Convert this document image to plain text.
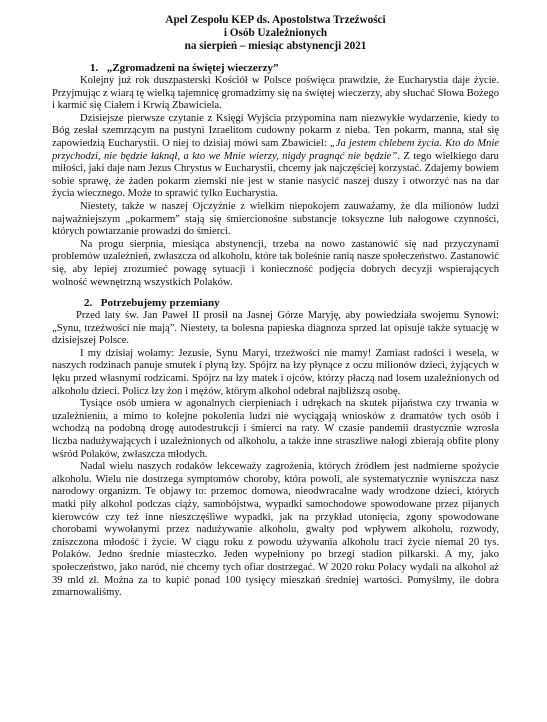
Apel Zespołu KEP ds. Apostolstwa Trzeźwości
i Osób Uzależnionych
na sierpień – miesiąc abstynencji 2021
1. „Zgromadzeni na świętej wieczerzy”

Kolejny już rok duszpasterski Kościół w Polsce poświęca prawdzie, że Eucharystia daje życie. Przyjmując z wiarą tę wielką tajemnicę gromadzimy się na świętej wieczerzy, aby słuchać Słowa Bożego i karmić się Ciałem i Krwią Zbawiciela.

Dzisiejsze pierwsze czytanie z Księgi Wyjścia przypomina nam niezwykłe wydarzenie, kiedy to Bóg zesłał szemrzącym na pustyni Izraelitom cudowny pokarm z nieba. Ten pokarm, manna, stał się zapowiedzią Eucharystii. O niej to dzisiaj mówi sam Zbawiciel: „Ja jestem chlebem życia. Kto do Mnie przychodzi, nie będzie łaknął, a kto we Mnie wierzy, nigdy pragnąć nie będzie”. Z tego wielkiego daru miłości, jaki daje nam Jezus Chrystus w Eucharystii, chcemy jak najczęściej korzystać. Zdajemy bowiem sobie sprawę, że żaden pokarm ziemski nie jest w stanie nasycić naszej duszy i otworzyć nas na dar życia wiecznego. Może to sprawić tylko Eucharystia.

Niestety, także w naszej Ojczyźnie z wielkim niepokojem zauważamy, że dla milionów ludzi najważniejszym „pokarmem” stają się śmiercionośne substancje toksyczne lub nałogowe czynności, których powtarzanie prowadzi do śmierci.

Na progu sierpnia, miesiąca abstynencji, trzeba na nowo zastanowić się nad przyczynami problemów uzależnień, zwłaszcza od alkoholu, które tak boleśnie ranią nasze społeczeństwo. Zastanowić się, aby lepiej zrozumieć powagę sytuacji i konieczność podjęcia dobrych decyzji wspierających wolność wewnętrzną wszystkich Polaków.

2. Potrzebujemy przemiany

Przed laty św. Jan Paweł II prosił na Jasnej Górze Maryję, aby powiedziała swojemu Synowi: „Synu, trzeźwości nie mają”. Niestety, ta bolesna papieska diagnoza sprzed lat opisuje także sytuację w dzisiejszej Polsce.

I my dzisiaj wołamy: Jezusie, Synu Maryi, trzeźwości nie mamy! Zamiast radości i wesela, w naszych rodzinach panuje smutek i płyną łzy. Spójrz na łzy płynące z oczu milionów dzieci, żyjących w lęku przed własnymi rodzicami. Spójrz na łzy matek i ojców, którzy płaczą nad losem uzależnionych od alkoholu dzieci. Policz łzy żon i mężów, którym alkohol odebrał najbliższą osobę.

Tysiące osób umiera w agonalnych cierpieniach i udrękach na skutek pijaństwa czy trwania w uzależnieniu, a mimo to kolejne pokolenia ludzi nie wyciągają wniosków z dramatów tych osób i wchodzą na podobną drogę autodestrukcji i śmierci na raty. W czasie pandemii drastycznie wzrosła liczba nadużywających i uzależnionych od alkoholu, a także inne straszliwe nałogi zbierają obfite plony wśród Polaków, zwłaszcza młodych.

Nadal wielu naszych rodaków lekceważy zagrożenia, których źródłem jest nadmierne spożycie alkoholu. Wielu nie dostrzega symptomów choroby, która powoli, ale systematycznie wyniszcza nasz narodowy organizm. Te objawy to: przemoc domowa, nieodwracalne wady wrodzone dzieci, których matki piły alkohol podczas ciąży, samobójstwa, wypadki samochodowe spowodowane przez pijanych kierowców czy też inne nieszczęśliwe wypadki, jak na przykład utonięcia, zgony spowodowane chorobami wywołanymi przez nadużywanie alkoholu, gwałty pod wpływem alkoholu, rozwody, zniszczona młodość i życie. W ciągu roku z powodu używania alkoholu traci życie niemal 20 tys. Polaków. Jedno średnie miasteczko. Jeden wypełniony po brzegi stadion piłkarski. A my, jako społeczeństwo, jako naród, nie chcemy tych ofiar dostrzegać. W 2020 roku Polacy wydali na alkohol aż 39 mld zł. Można za to kupić ponad 100 tysięcy mieszkań średniej wartości. Pomyślmy, ile dobra zmarnowaliśmy.
